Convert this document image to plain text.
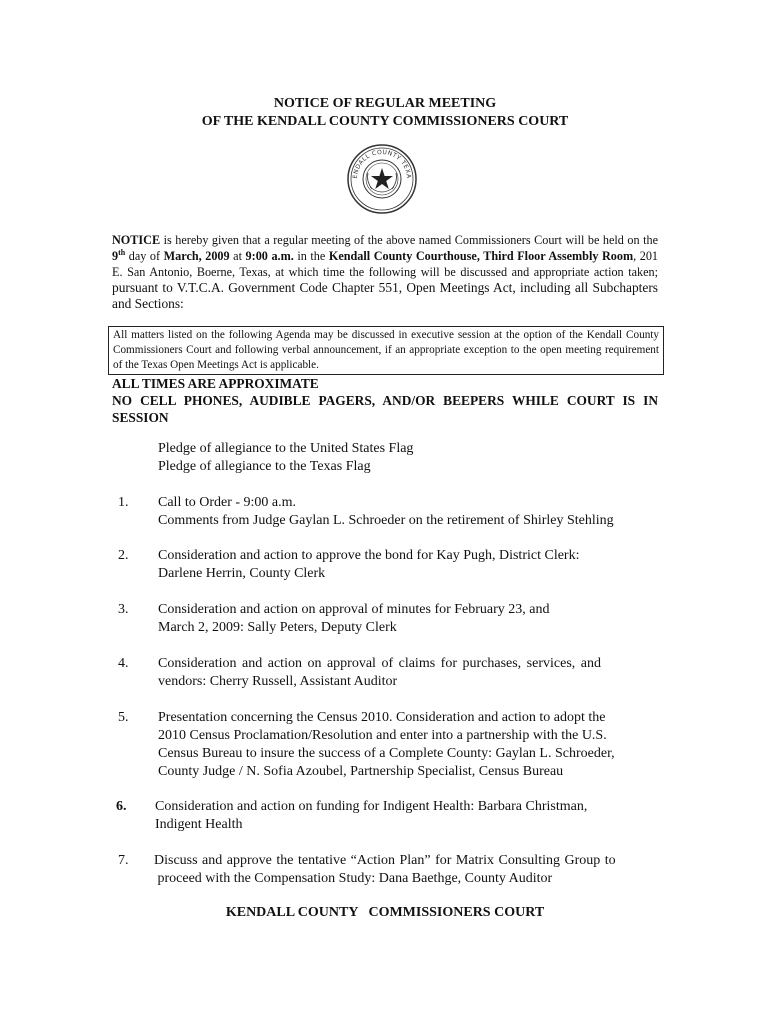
NOTICE OF REGULAR MEETING
OF THE KENDALL COUNTY COMMISSIONERS COURT
ENDALL COUNTY TEXA
NOTICE is hereby given that a regular meeting of the above named Commissioners Court will be held on the 9th day of March, 2009 at 9:00 a.m. in the Kendall County Courthouse, Third Floor Assembly Room, 201 E. San Antonio, Boerne, Texas, at which time the following will be discussed and appropriate action taken; pursuant to V.T.C.A. Government Code Chapter 551, Open Meetings Act, including all Subchapters and Sections:
All matters listed on the following Agenda may be discussed in executive session at the option of the Kendall County Commissioners Court and following verbal announcement, if an appropriate exception to the open meeting requirement of the Texas Open Meetings Act is applicable.
ALL TIMES ARE APPROXIMATE
NO CELL PHONES, AUDIBLE PAGERS, AND/OR BEEPERS WHILE COURT IS IN SESSION
Pledge of allegiance to the United States Flag
Pledge of allegiance to the Texas Flag
1. Call to Order - 9:00 a.m.
Comments from Judge Gaylan L. Schroeder on the retirement of Shirley Stehling
2. Consideration and action to approve the bond for Kay Pugh, District Clerk:
Darlene Herrin, County Clerk
3. Consideration and action on approval of minutes for February 23, and
March 2, 2009: Sally Peters, Deputy Clerk
4. Consideration and action on approval of claims for purchases, services, and
vendors: Cherry Russell, Assistant Auditor
5. Presentation concerning the Census 2010. Consideration and action to adopt the
2010 Census Proclamation/Resolution and enter into a partnership with the U.S.
Census Bureau to insure the success of a Complete County: Gaylan L. Schroeder,
County Judge / N. Sofia Azoubel, Partnership Specialist, Census Bureau
6. Consideration and action on funding for Indigent Health: Barbara Christman,
Indigent Health
7. Discuss and approve the tentative “Action Plan” for Matrix Consulting Group to
proceed with the Compensation Study: Dana Baethge, County Auditor
KENDALL COUNTY   COMMISSIONERS COURT
